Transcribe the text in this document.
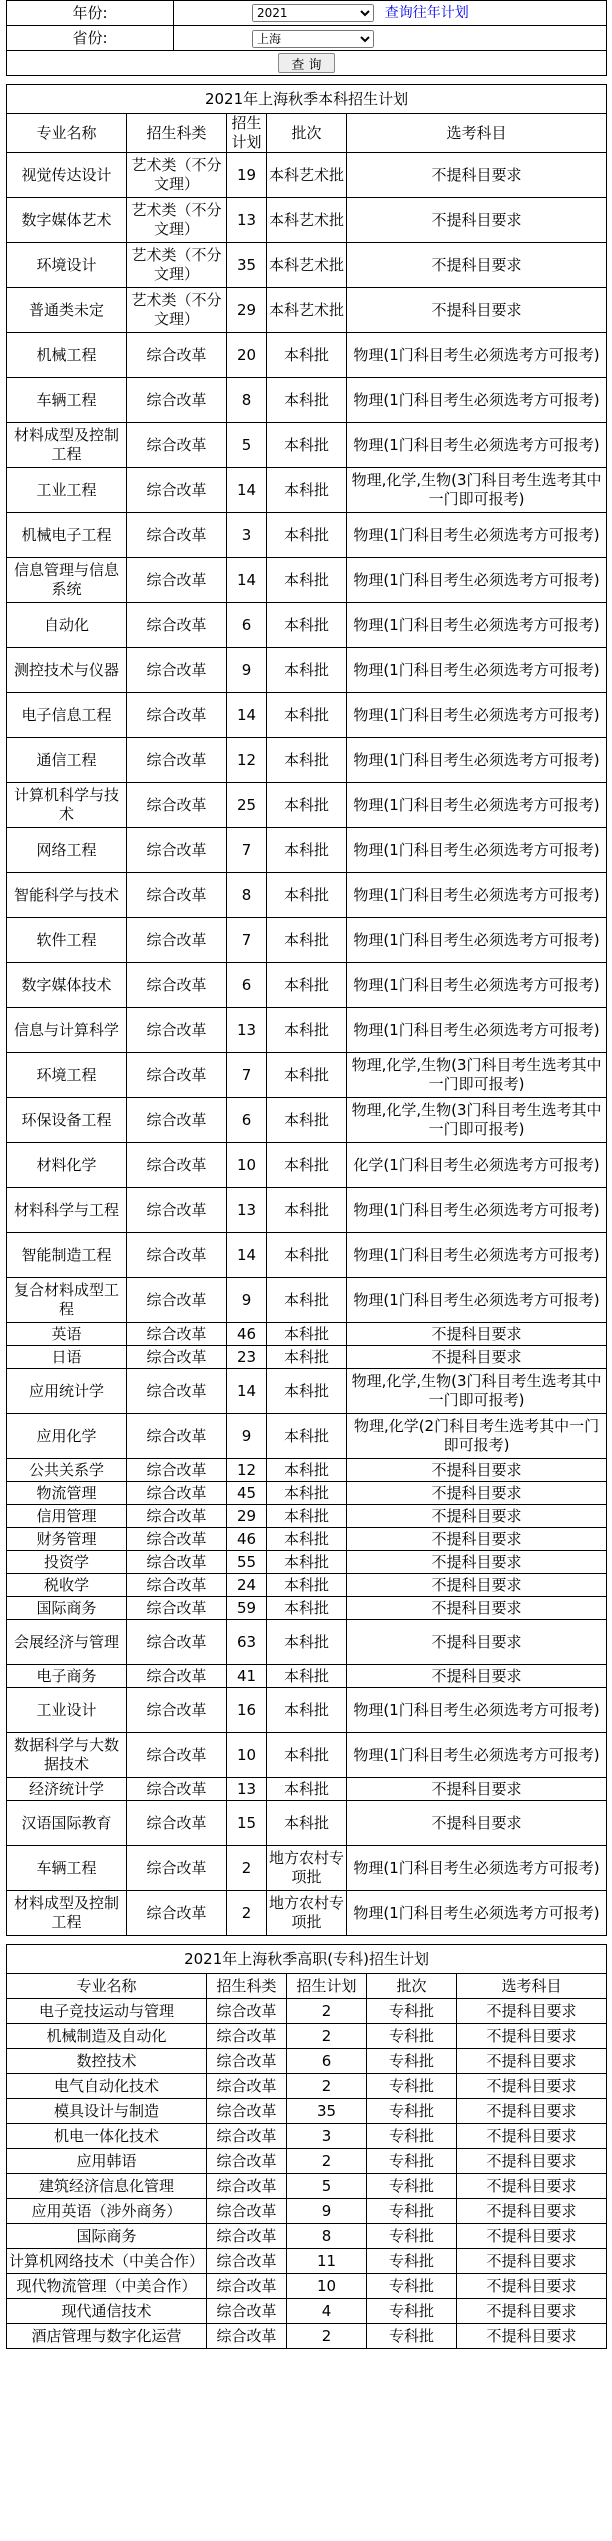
年份:	
2021查询往年计划
省份:	
上海
查 询	
2021年上海秋季本科招生计划				
专业名称	招生科类	招生计划	批次	选考科目
视觉传达设计	艺术类（不分文理）	19	本科艺术批	不提科目要求
数字媒体艺术	艺术类（不分文理）	13	本科艺术批	不提科目要求
环境设计	艺术类（不分文理）	35	本科艺术批	不提科目要求
普通类未定	艺术类（不分文理）	29	本科艺术批	不提科目要求
机械工程	综合改革	20	本科批	物理(1门科目考生必须选考方可报考)
车辆工程	综合改革	8	本科批	物理(1门科目考生必须选考方可报考)
材料成型及控制工程	综合改革	5	本科批	物理(1门科目考生必须选考方可报考)
工业工程	综合改革	14	本科批	物理,化学,生物(3门科目考生选考其中一门即可报考)
机械电子工程	综合改革	3	本科批	物理(1门科目考生必须选考方可报考)
信息管理与信息系统	综合改革	14	本科批	物理(1门科目考生必须选考方可报考)
自动化	综合改革	6	本科批	物理(1门科目考生必须选考方可报考)
测控技术与仪器	综合改革	9	本科批	物理(1门科目考生必须选考方可报考)
电子信息工程	综合改革	14	本科批	物理(1门科目考生必须选考方可报考)
通信工程	综合改革	12	本科批	物理(1门科目考生必须选考方可报考)
计算机科学与技术	综合改革	25	本科批	物理(1门科目考生必须选考方可报考)
网络工程	综合改革	7	本科批	物理(1门科目考生必须选考方可报考)
智能科学与技术	综合改革	8	本科批	物理(1门科目考生必须选考方可报考)
软件工程	综合改革	7	本科批	物理(1门科目考生必须选考方可报考)
数字媒体技术	综合改革	6	本科批	物理(1门科目考生必须选考方可报考)
信息与计算科学	综合改革	13	本科批	物理(1门科目考生必须选考方可报考)
环境工程	综合改革	7	本科批	物理,化学,生物(3门科目考生选考其中一门即可报考)
环保设备工程	综合改革	6	本科批	物理,化学,生物(3门科目考生选考其中一门即可报考)
材料化学	综合改革	10	本科批	化学(1门科目考生必须选考方可报考)
材料科学与工程	综合改革	13	本科批	物理(1门科目考生必须选考方可报考)
智能制造工程	综合改革	14	本科批	物理(1门科目考生必须选考方可报考)
复合材料成型工程	综合改革	9	本科批	物理(1门科目考生必须选考方可报考)
英语	综合改革	46	本科批	不提科目要求
日语	综合改革	23	本科批	不提科目要求
应用统计学	综合改革	14	本科批	物理,化学,生物(3门科目考生选考其中一门即可报考)
应用化学	综合改革	9	本科批	物理,化学(2门科目考生选考其中一门即可报考)
公共关系学	综合改革	12	本科批	不提科目要求
物流管理	综合改革	45	本科批	不提科目要求
信用管理	综合改革	29	本科批	不提科目要求
财务管理	综合改革	46	本科批	不提科目要求
投资学	综合改革	55	本科批	不提科目要求
税收学	综合改革	24	本科批	不提科目要求
国际商务	综合改革	59	本科批	不提科目要求
会展经济与管理	综合改革	63	本科批	不提科目要求
电子商务	综合改革	41	本科批	不提科目要求
工业设计	综合改革	16	本科批	物理(1门科目考生必须选考方可报考)
数据科学与大数据技术	综合改革	10	本科批	物理(1门科目考生必须选考方可报考)
经济统计学	综合改革	13	本科批	不提科目要求
汉语国际教育	综合改革	15	本科批	不提科目要求
车辆工程	综合改革	2	地方农村专项批	物理(1门科目考生必须选考方可报考)
材料成型及控制工程	综合改革	2	地方农村专项批	物理(1门科目考生必须选考方可报考)
2021年上海秋季高职(专科)招生计划				
专业名称	招生科类	招生计划	批次	选考科目
电子竞技运动与管理	综合改革	2	专科批	不提科目要求
机械制造及自动化	综合改革	2	专科批	不提科目要求
数控技术	综合改革	6	专科批	不提科目要求
电气自动化技术	综合改革	2	专科批	不提科目要求
模具设计与制造	综合改革	35	专科批	不提科目要求
机电一体化技术	综合改革	3	专科批	不提科目要求
应用韩语	综合改革	2	专科批	不提科目要求
建筑经济信息化管理	综合改革	5	专科批	不提科目要求
应用英语（涉外商务）	综合改革	9	专科批	不提科目要求
国际商务	综合改革	8	专科批	不提科目要求
计算机网络技术（中美合作）	综合改革	11	专科批	不提科目要求
现代物流管理（中美合作）	综合改革	10	专科批	不提科目要求
现代通信技术	综合改革	4	专科批	不提科目要求
酒店管理与数字化运营	综合改革	2	专科批	不提科目要求
